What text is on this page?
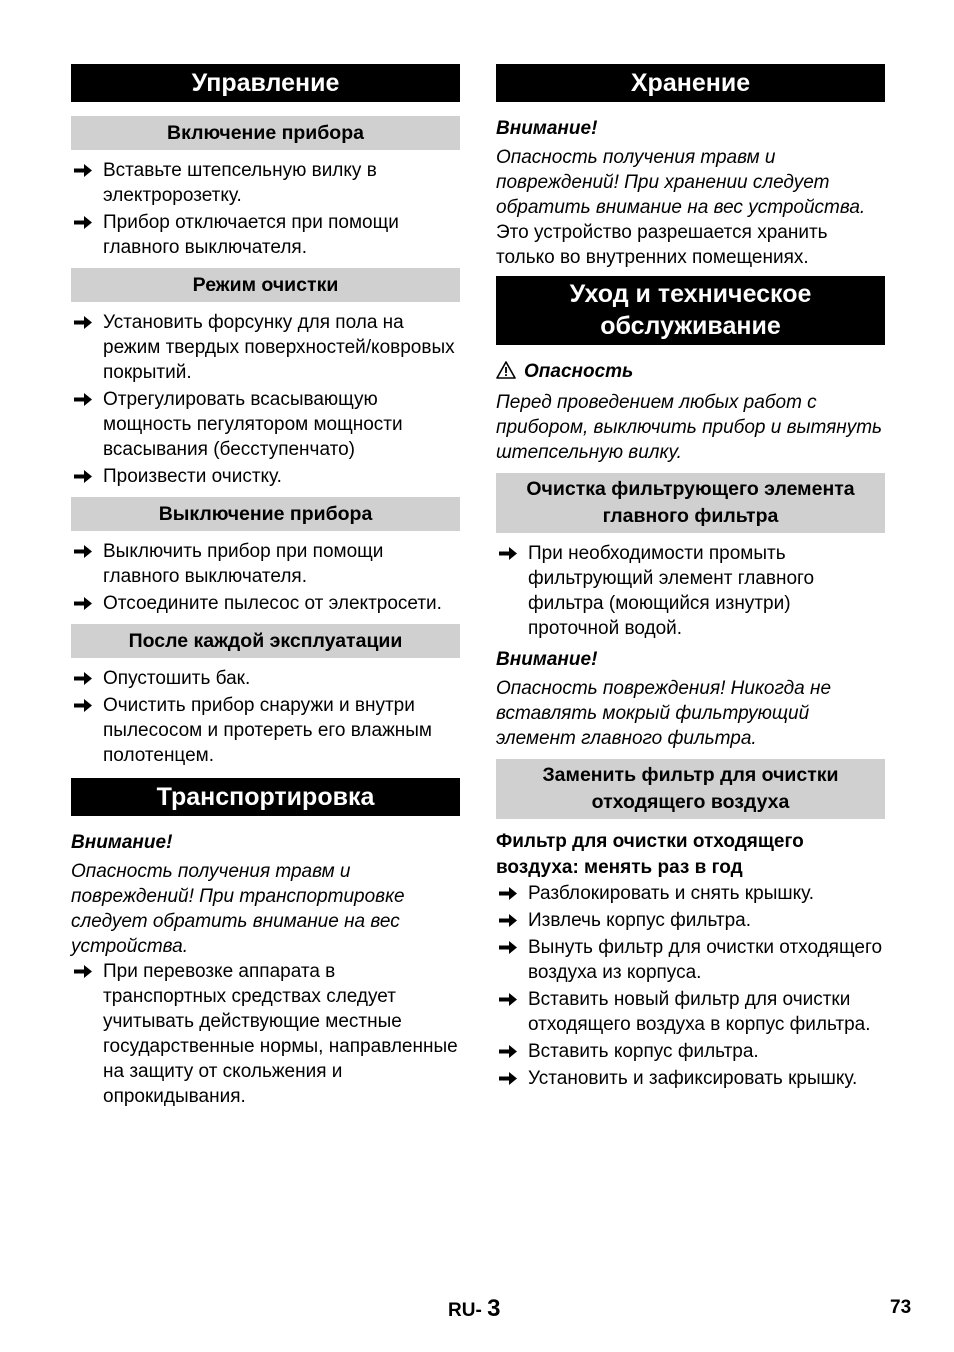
Управление
Включение прибора
Вставьте штепсельную вилку в электророзетку.
Прибор отключается при помощи главного выключателя.
Режим очистки
Установить форсунку для пола на режим твердых поверхностей/ковровых покрытий.
Отрегулировать всасывающую мощность пегулятором мощности всасывания (бесступенчато)
Произвести очистку.
Выключение прибора
Выключить прибор при помощи главного выключателя.
Отсоедините пылесос от электросети.
После каждой эксплуатации
Опустошить бак.
Очистить прибор снаружи и внутри пылесосом и протереть его влажным полотенцем.
Транспортировка
Внимание!

Опасность получения травм и повреждений! При транспортировке следует обратить внимание на вес устройства.

При перевозке аппарата в транспортных средствах следует учитывать действующие местные государственные нормы, направленные на защиту от скольжения и опрокидывания.
Хранение
Внимание!

Опасность получения травм и повреждений! При хранении следует обратить внимание на вес устройства.

Это устройство разрешается хранить только во внутренних помещениях.

Уход и техническое
обслуживание
Опасность

Перед проведением любых работ с прибором, выключить прибор и вытянуть штепсельную вилку.

Очистка фильтрующего элемента
главного фильтра
При необходимости промыть фильтрующий элемент главного фильтра (моющийся изнутри) проточной водой.
Внимание!

Опасность повреждения! Никогда не вставлять мокрый фильтрующий элемент главного фильтра.

Заменить фильтр для очистки
отходящего воздуха
Фильтр для очистки отходящего
воздуха: менять раз в год
Разблокировать и снять крышку.
Извлечь корпус фильтра.
Вынуть фильтр для очистки отходящего воздуха из корпуса.
Вставить новый фильтр для очистки отходящего воздуха в корпус фильтра.
Вставить корпус фильтра.
Установить и зафиксировать крышку.
RU- 3	73
